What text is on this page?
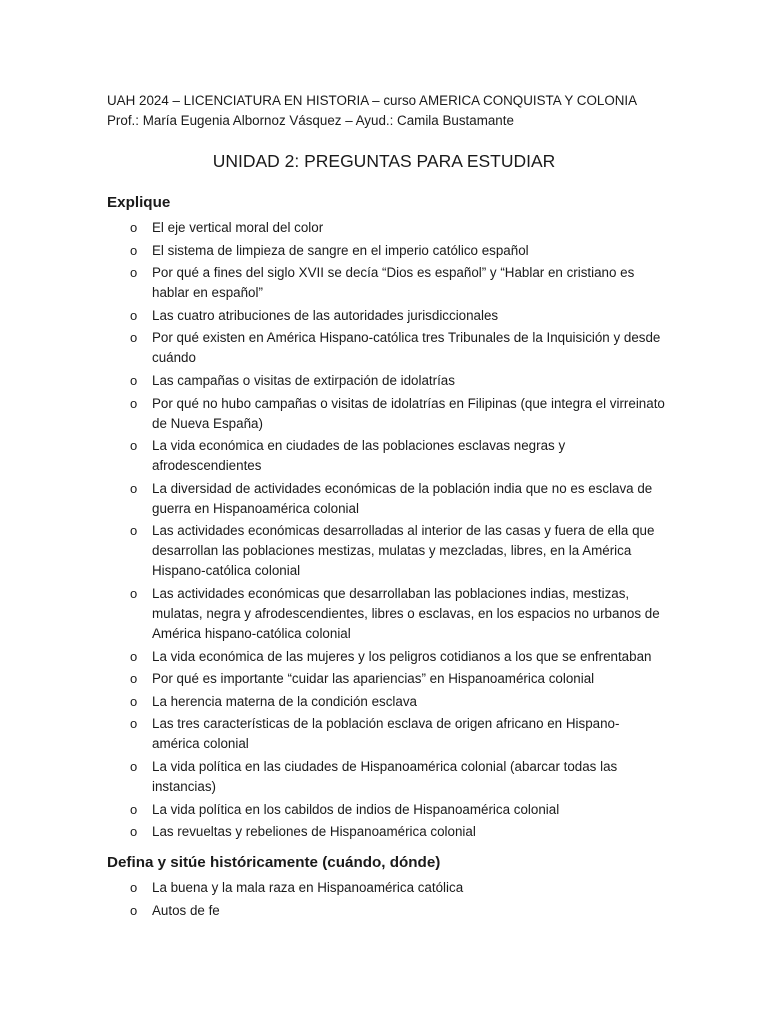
UAH 2024 – LICENCIATURA EN HISTORIA – curso AMERICA CONQUISTA Y COLONIA
Prof.: María Eugenia Albornoz Vásquez – Ayud.: Camila Bustamante
UNIDAD 2: PREGUNTAS PARA ESTUDIAR
Explique
o El eje vertical moral del color
o El sistema de limpieza de sangre en el imperio católico español
o Por qué a fines del siglo XVII se decía “Dios es español” y “Hablar en cristiano es hablar en español”
o Las cuatro atribuciones de las autoridades jurisdiccionales
o Por qué existen en América Hispano-católica tres Tribunales de la Inquisición y desde cuándo
o Las campañas o visitas de extirpación de idolatrías
o Por qué no hubo campañas o visitas de idolatrías en Filipinas (que integra el virreinato de Nueva España)
o La vida económica en ciudades de las poblaciones esclavas negras y afrodescendientes
o La diversidad de actividades económicas de la población india que no es esclava de guerra en Hispanoamérica colonial
o Las actividades económicas desarrolladas al interior de las casas y fuera de ella que desarrollan las poblaciones mestizas, mulatas y mezcladas, libres, en la América Hispano-católica colonial
o Las actividades económicas que desarrollaban las poblaciones indias, mestizas, mulatas, negra y afrodescendientes, libres o esclavas, en los espacios no urbanos de América hispano-católica colonial
o La vida económica de las mujeres y los peligros cotidianos a los que se enfrentaban
o Por qué es importante “cuidar las apariencias” en Hispanoamérica colonial
o La herencia materna de la condición esclava
o Las tres características de la población esclava de origen africano en Hispano-américa colonial
o La vida política en las ciudades de Hispanoamérica colonial (abarcar todas las instancias)
o La vida política en los cabildos de indios de Hispanoamérica colonial
o Las revueltas y rebeliones de Hispanoamérica colonial
Defina y sitúe históricamente (cuándo, dónde)
o La buena y la mala raza en Hispanoamérica católica
o Autos de fe
